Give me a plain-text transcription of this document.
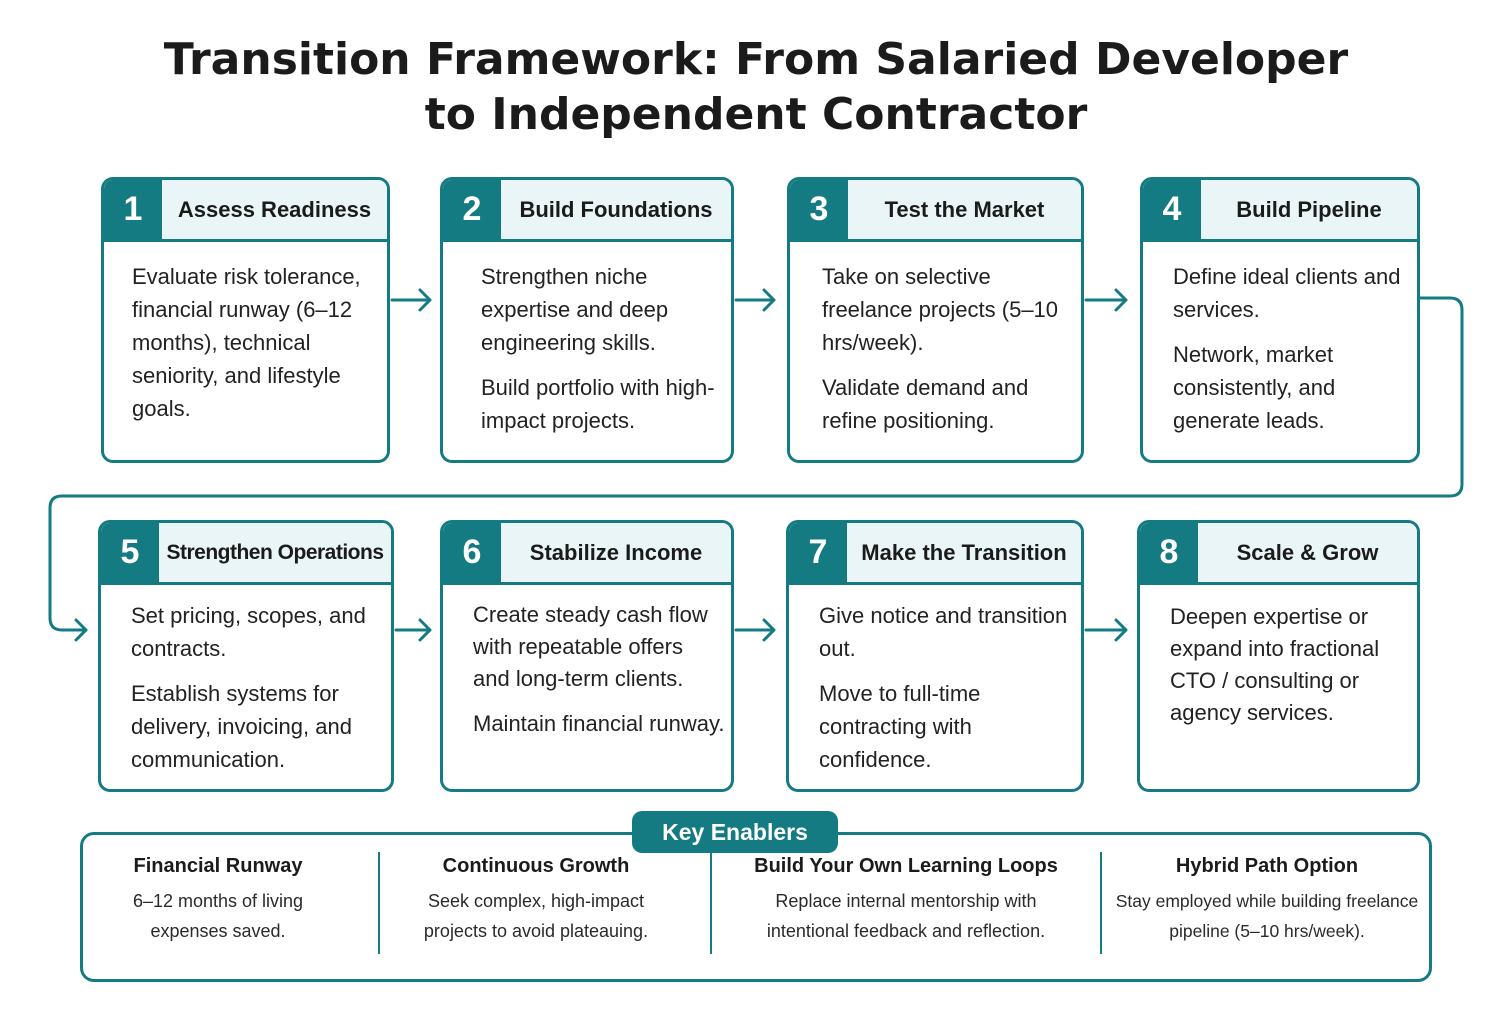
Transition Framework: From Salaried Developer
to Independent Contractor
1	Assess Readiness

Evaluate risk tolerance, financial runway (6–12 months), technical seniority, and lifestyle goals.

2	Build Foundations

Strengthen niche expertise and deep engineering skills.

Build portfolio with high-impact projects.

3	Test the Market

Take on selective freelance projects (5–10 hrs/week).

Validate demand and refine positioning.

4	Build Pipeline

Define ideal clients and services.

Network, market consistently, and generate leads.

5	Strengthen Operations

Set pricing, scopes, and contracts.

Establish systems for delivery, invoicing, and communication.

6	Stabilize Income

Create steady cash flow with repeatable offers and long-term clients.

Maintain financial runway.

7	Make the Transition

Give notice and transition out.

Move to full-time contracting with confidence.

8	Scale & Grow

Deepen expertise or expand into fractional CTO / consulting or agency services.

Key Enablers
Financial Runway

6–12 months of living expenses saved.

Continuous Growth

Seek complex, high-impact projects to avoid plateauing.

Build Your Own Learning Loops

Replace internal mentorship with intentional feedback and reflection.

Hybrid Path Option

Stay employed while building freelance pipeline (5–10 hrs/week).
